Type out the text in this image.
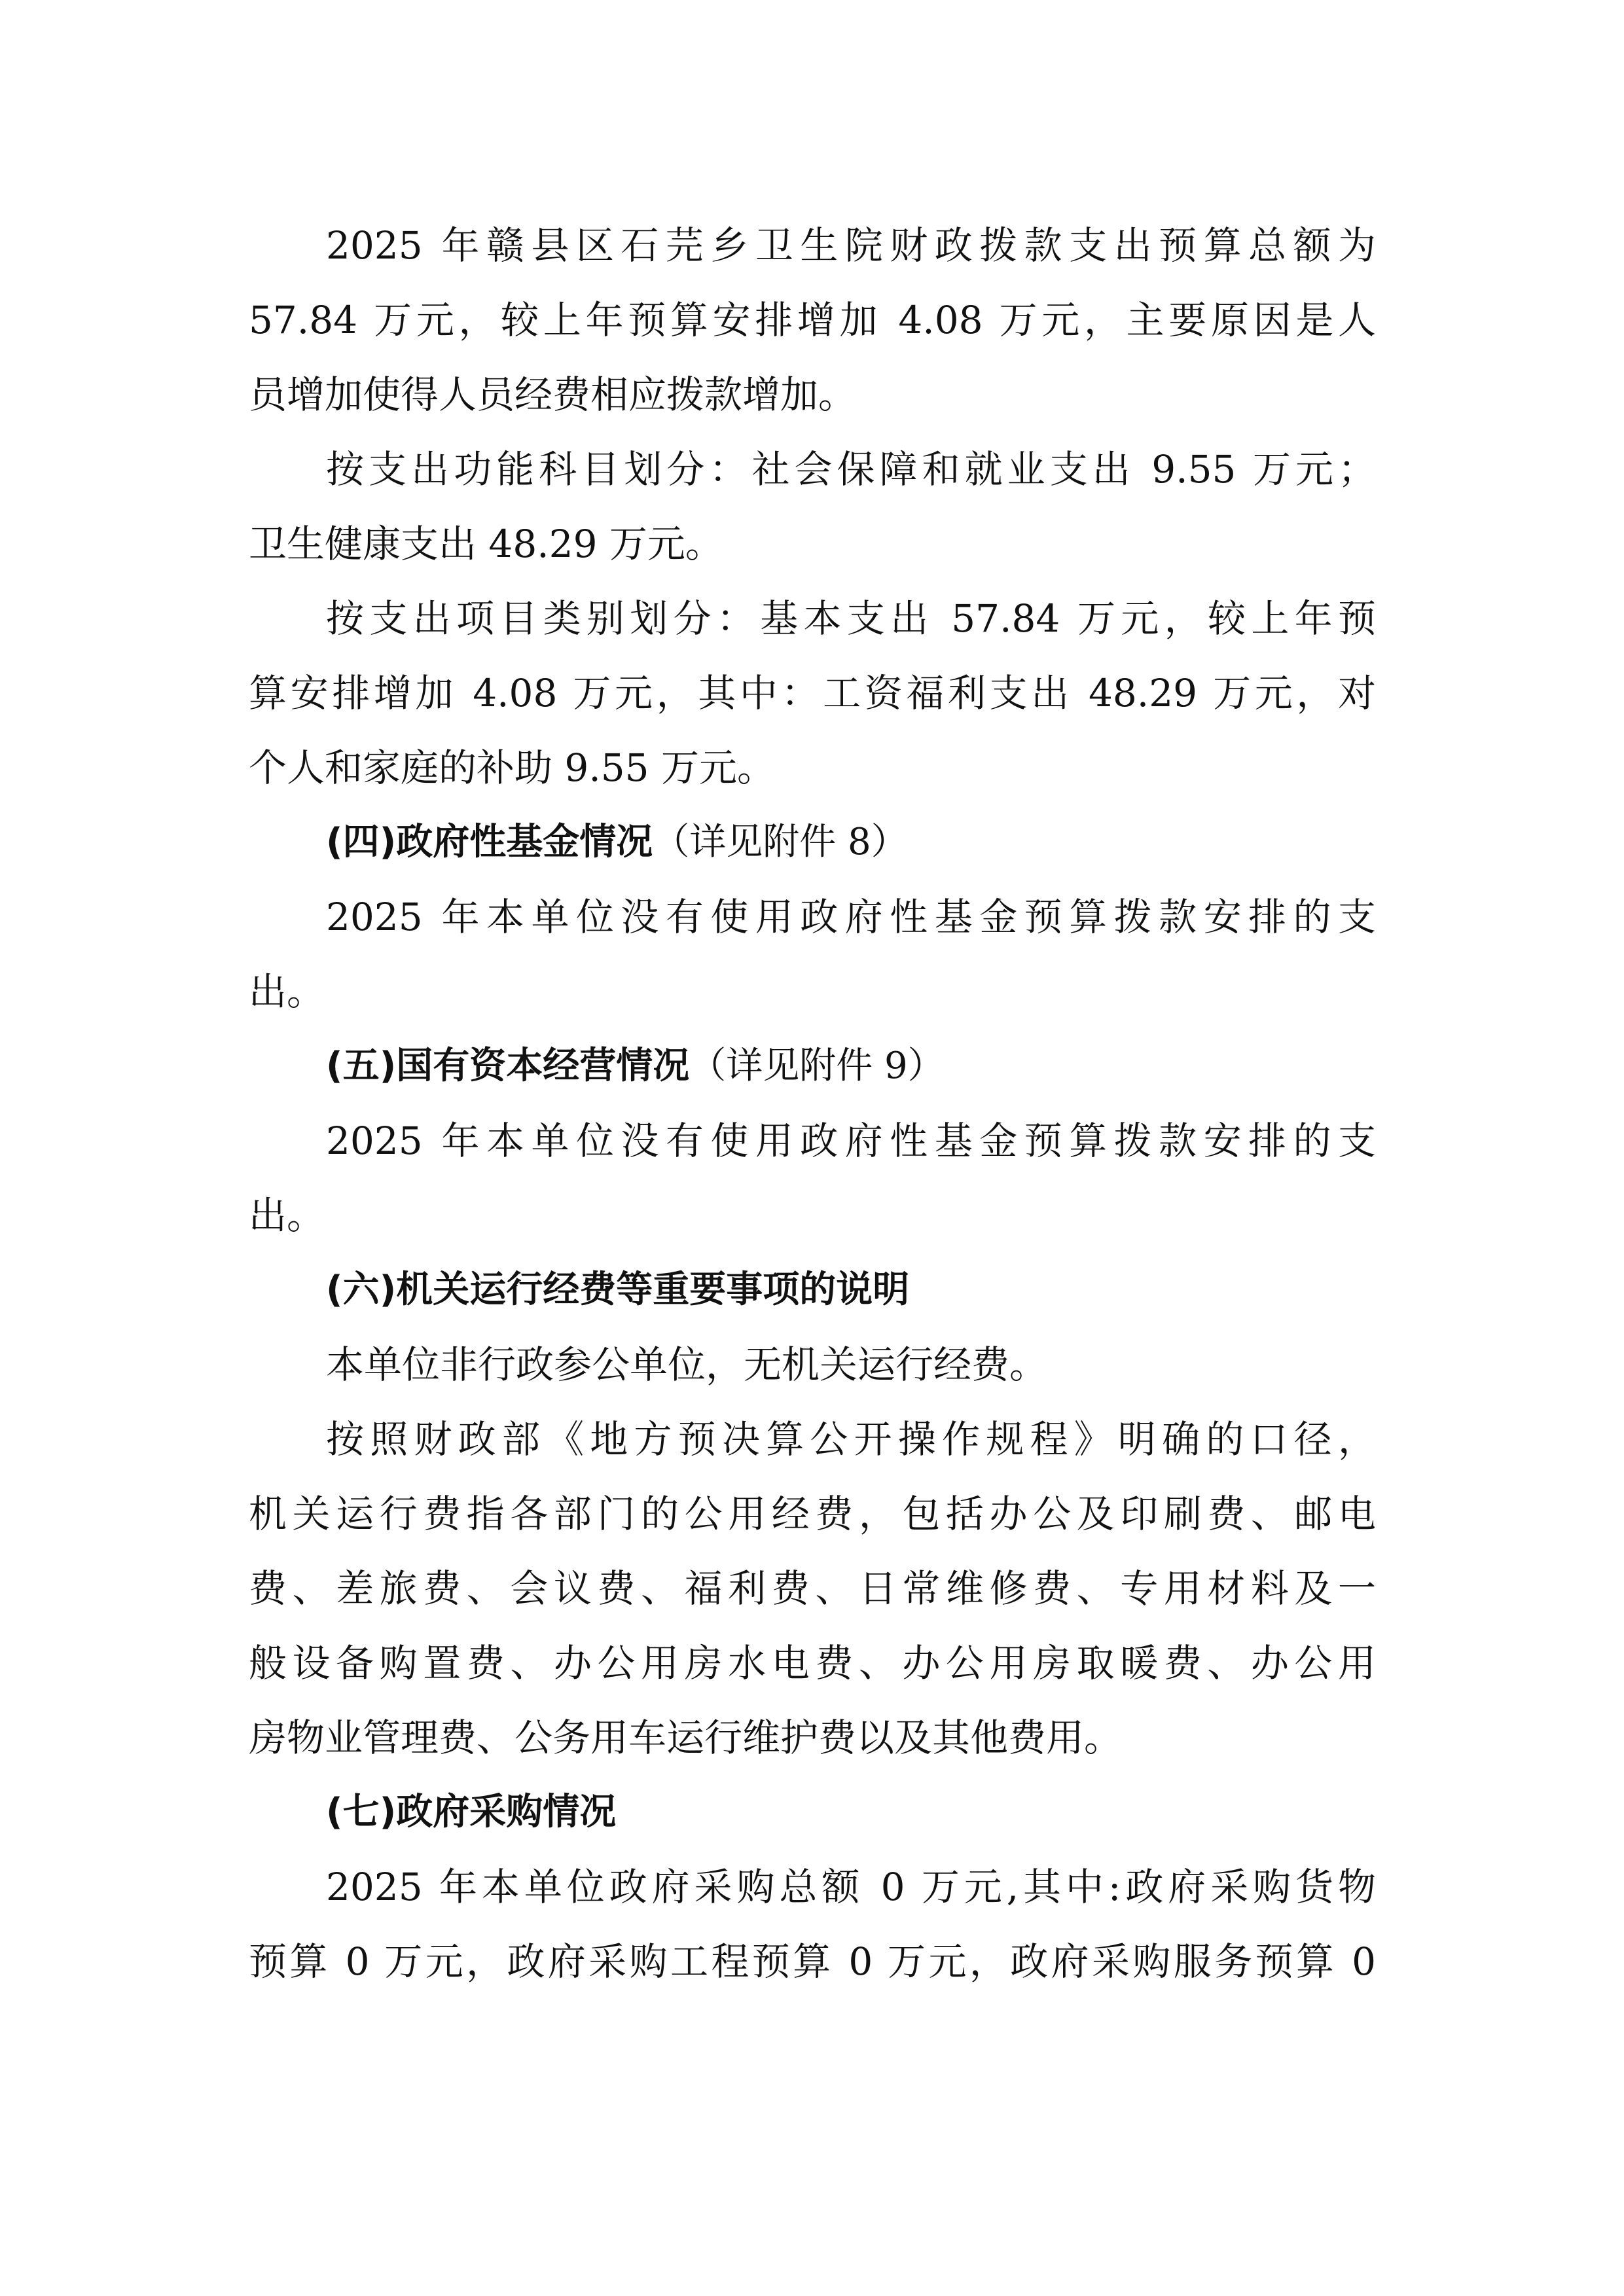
2025 年赣县区石芫乡卫生院财政拨款支出预算总额为
57.84 万元，较上年预算安排增加 4.08 万元，主要原因是人
员增加使得人员经费相应拨款增加。
按支出功能科目划分：社会保障和就业支出 9.55 万元；
卫生健康支出 48.29 万元。
按支出项目类别划分：基本支出 57.84 万元，较上年预
算安排增加 4.08 万元，其中：工资福利支出 48.29 万元，对
个人和家庭的补助 9.55 万元。
(四)政府性基金情况（详见附件 8）
2025 年本单位没有使用政府性基金预算拨款安排的支
出。
(五)国有资本经营情况（详见附件 9）
2025 年本单位没有使用政府性基金预算拨款安排的支
出。
(六)机关运行经费等重要事项的说明
本单位非行政参公单位，无机关运行经费。
按照财政部《地方预决算公开操作规程》明确的口径，
机关运行费指各部门的公用经费，包括办公及印刷费、邮电
费、差旅费、会议费、福利费、日常维修费、专用材料及一
般设备购置费、办公用房水电费、办公用房取暖费、办公用
房物业管理费、公务用车运行维护费以及其他费用。
(七)政府采购情况
2025 年本单位政府采购总额 0 万元,其中:政府采购货物
预算 0 万元，政府采购工程预算 0 万元，政府采购服务预算 0
